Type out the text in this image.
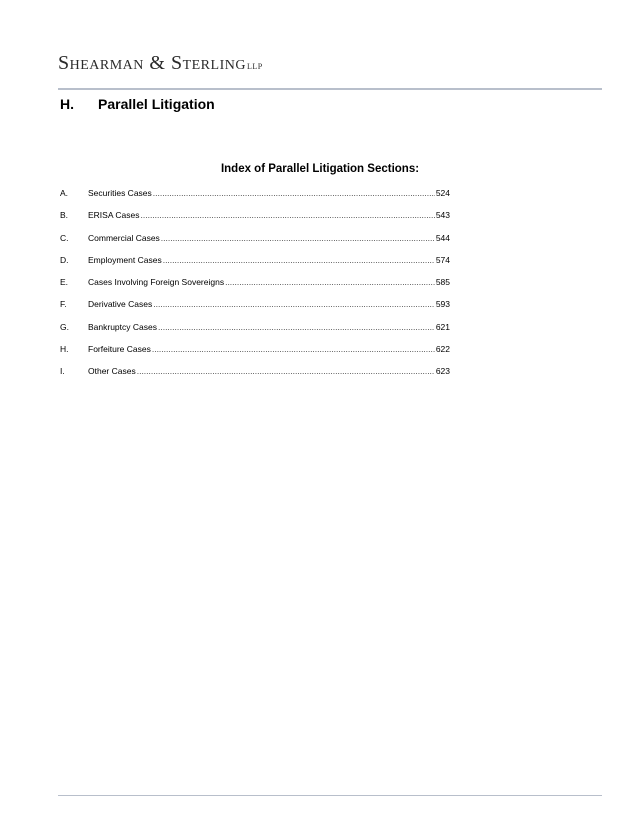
Shearman & SterlingLLP
H. Parallel Litigation
Index of Parallel Litigation Sections:
A.	Securities Cases .....	524
B.	ERISA Cases .....	543
C.	Commercial Cases .....	544
D.	Employment Cases .....	574
E.	Cases Involving Foreign Sovereigns .....	585
F.	Derivative Cases .....	593
G.	Bankruptcy Cases .....	621
H.	Forfeiture Cases .....	622
I.	Other Cases .....	623
